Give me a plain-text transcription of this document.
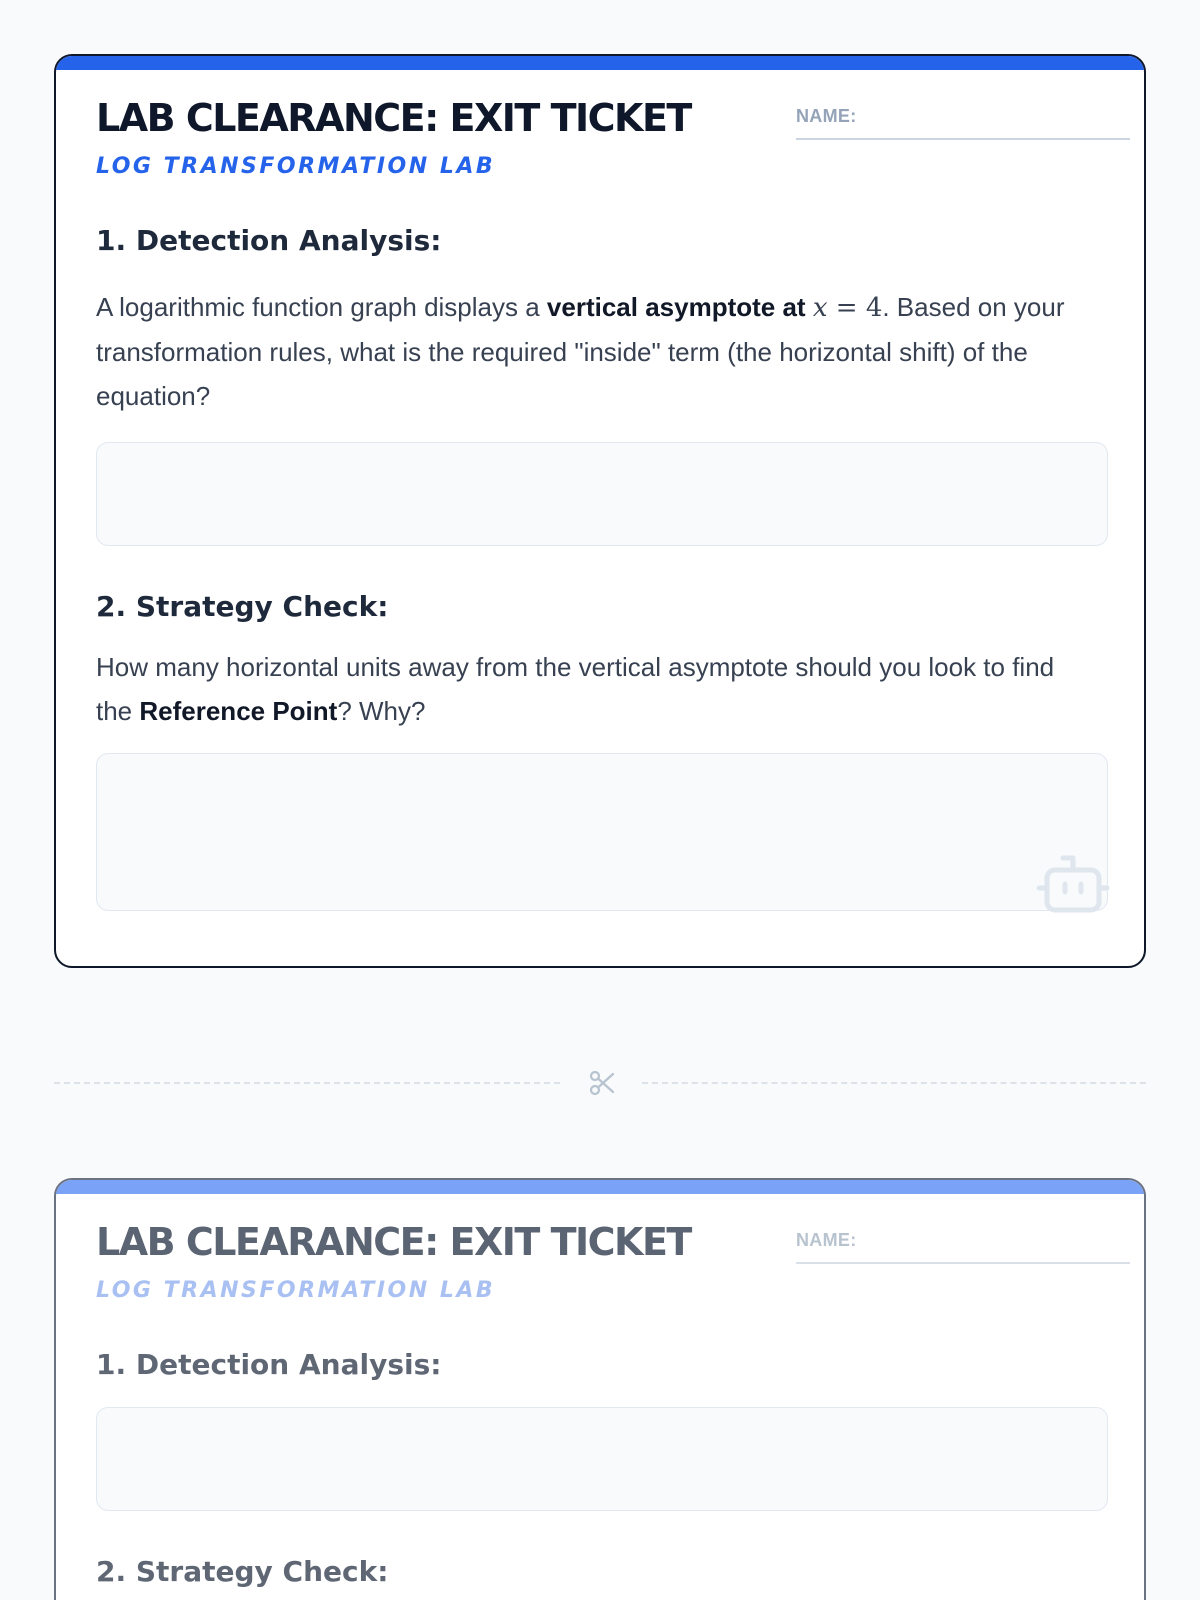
LAB CLEARANCE: EXIT TICKET
LOG TRANSFORMATION LAB
NAME:
1. Detection Analysis:

A logarithmic function graph displays a vertical asymptote at x = 4. Based on your transformation rules, what is the required "inside" term (the horizontal shift) of the equation?

2. Strategy Check:

How many horizontal units away from the vertical asymptote should you look to find the Reference Point? Why?

LAB CLEARANCE: EXIT TICKET
LOG TRANSFORMATION LAB
NAME:
1. Detection Analysis:
2. Strategy Check:
